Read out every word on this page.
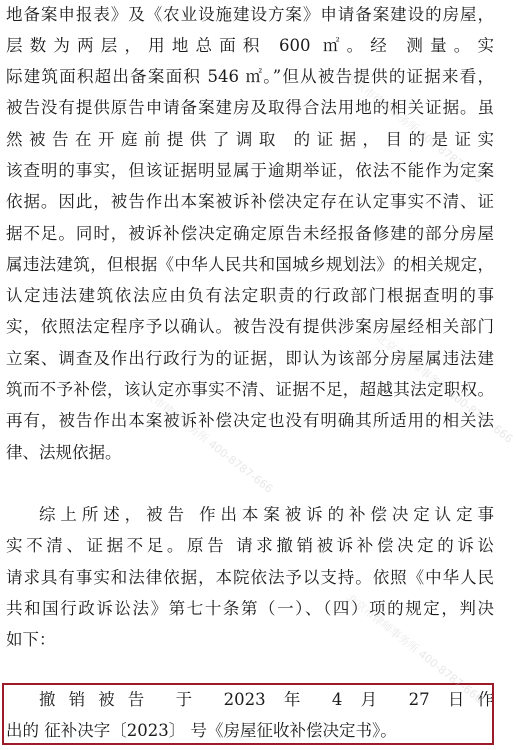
地备案申报表》及《农业设施建设方案》申请备案建设的房屋，
层数为两层，用地总面积 600 ㎡。经 测量。实
际建筑面积超出备案面积 546 ㎡。”但从被告提供的证据来看，
被告没有提供原告申请备案建房及取得合法用地的相关证据。虽
然被告在开庭前提供了调取 的证据，目的是证实
该查明的事实，但该证据明显属于逾期举证，依法不能作为定案
依据。因此，被告作出本案被诉补偿决定存在认定事实不清、证
据不足。同时，被诉补偿决定确定原告未经报备修建的部分房屋
属违法建筑，但根据《中华人民共和国城乡规划法》的相关规定，
认定违法建筑依法应由负有法定职责的行政部门根据查明的事
实，依照法定程序予以确认。被告没有提供涉案房屋经相关部门
立案、调查及作出行政行为的证据，即认为该部分房屋属违法建
筑而不予补偿，该认定亦事实不清、证据不足，超越其法定职权。
再有，被告作出本案被诉补偿决定也没有明确其所适用的相关法
律、法规依据。
综上所述，被告 作出本案被诉的补偿决定认定事
实不清、证据不足。原告 请求撤销被诉补偿决定的诉讼
请求具有事实和法律依据，本院依法予以支持。依照《中华人民
共和国行政诉讼法》第七十条第（一）、（四）项的规定，判决
如下：
撤销被告 于 2023 年 4 月 27 日作
出的 征补决字〔2023〕 号《房屋征收补偿决定书》。
北京市律师事务所 400-8787-666
北京市律师事务所 400-8787-666
北京市律师事务所 400-8787-666
北京市律师事务所 400-8787-666
